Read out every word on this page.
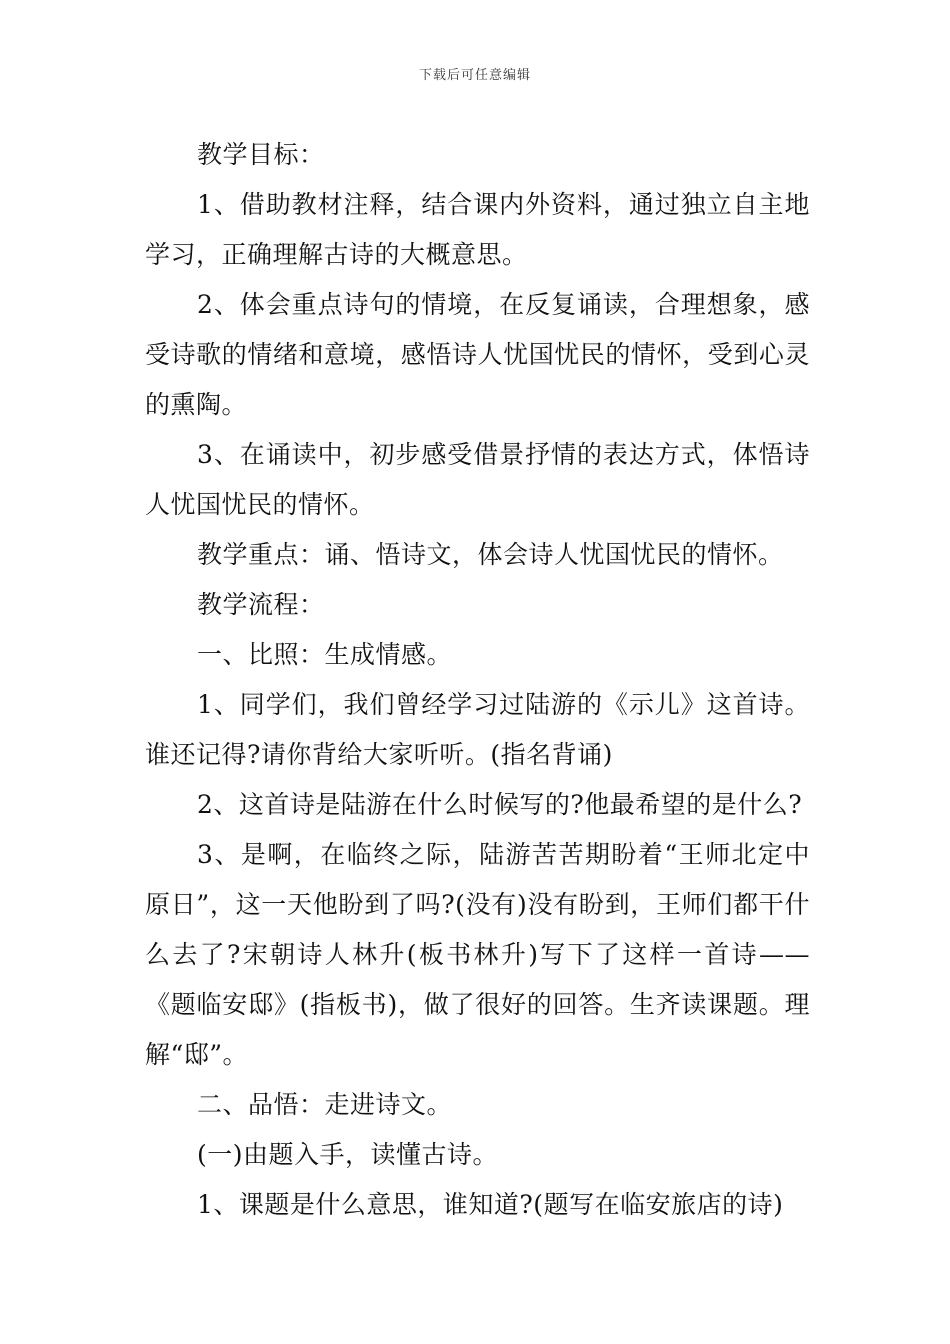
下载后可任意编辑

教学目标：

1、借助教材注释，结合课内外资料，通过独立自主地学习，正确理解古诗的大概意思。

2、体会重点诗句的情境，在反复诵读，合理想象，感受诗歌的情绪和意境，感悟诗人忧国忧民的情怀，受到心灵的熏陶。

3、在诵读中，初步感受借景抒情的表达方式，体悟诗人忧国忧民的情怀。

教学重点：诵、悟诗文，体会诗人忧国忧民的情怀。

教学流程：

一、比照：生成情感。

1、同学们，我们曾经学习过陆游的《示儿》这首诗。谁还记得?请你背给大家听听。(指名背诵)

2、这首诗是陆游在什么时候写的?他最希望的是什么?

3、是啊，在临终之际，陆游苦苦期盼着“王师北定中原日”，这一天他盼到了吗?(没有)没有盼到，王师们都干什么去了?宋朝诗人林升(板书林升)写下了这样一首诗——《题临安邸》(指板书)，做了很好的回答。生齐读课题。理解“邸”。

二、品悟：走进诗文。

(一)由题入手，读懂古诗。

1、课题是什么意思，谁知道?(题写在临安旅店的诗)
